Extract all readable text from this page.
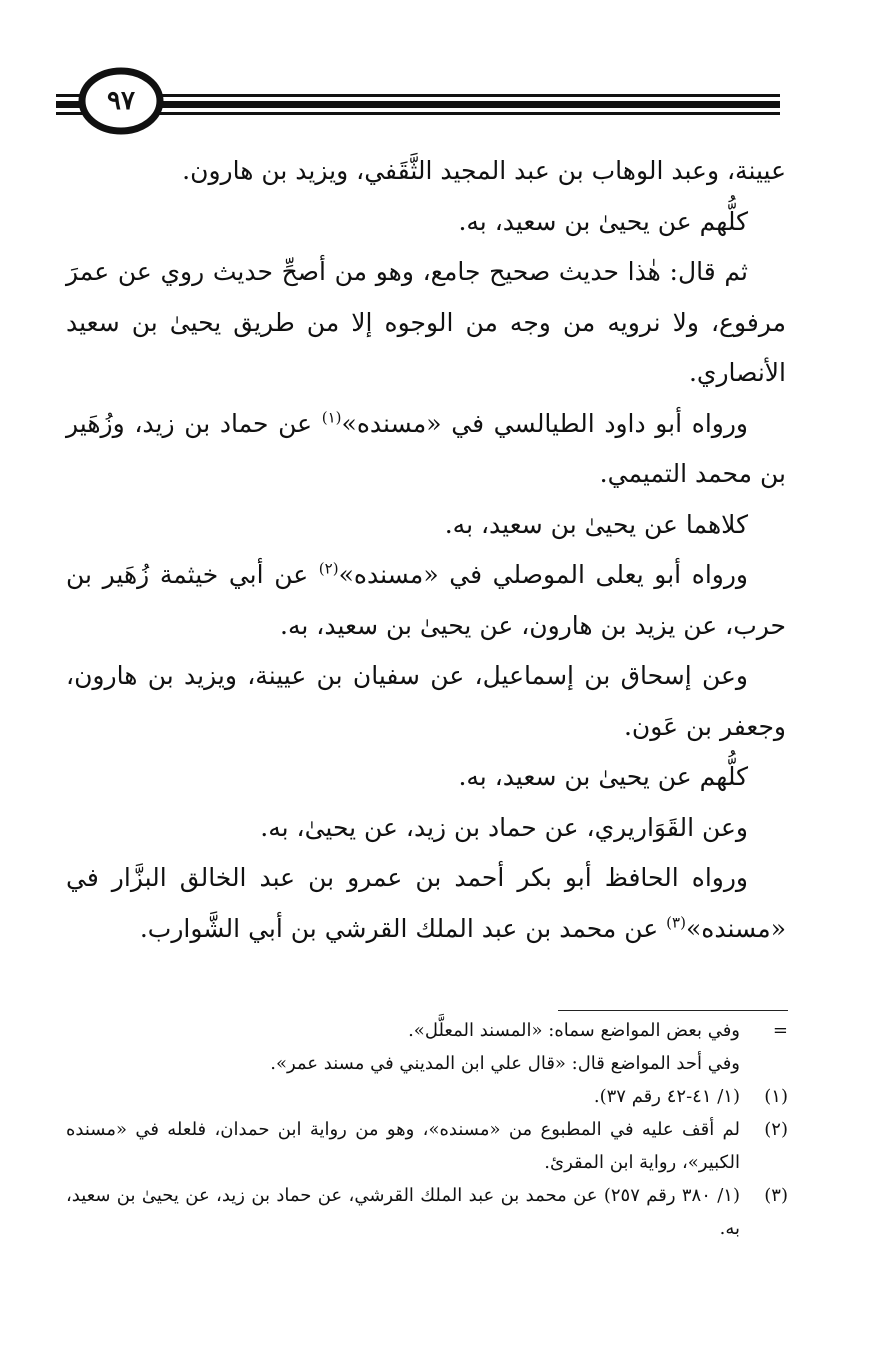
٩٧

عيينة، وعبد الوهاب بن عبد المجيد الثَّقَفي، ويزيد بن هارون.

كلُّهم عن يحيىٰ بن سعيد، به.

ثم قال: هٰذا حديث صحيح جامع، وهو من أصحِّ حديث روي عن عمرَ مرفوع، ولا نرويه من وجه من الوجوه إلا من طريق يحيىٰ بن سعيد الأنصاري.

ورواه أبو داود الطيالسي في «مسنده»$^{(١)}$ عن حماد بن زيد، وزُهَير بن محمد التميمي.

كلاهما عن يحيىٰ بن سعيد، به.

ورواه أبو يعلى الموصلي في «مسنده»$^{(٢)}$ عن أبي خيثمة زُهَير بن حرب، عن يزيد بن هارون، عن يحيىٰ بن سعيد، به.

وعن إسحاق بن إسماعيل، عن سفيان بن عيينة، ويزيد بن هارون، وجعفر بن عَون.

كلُّهم عن يحيىٰ بن سعيد، به.

وعن القَوَاريري، عن حماد بن زيد، عن يحيىٰ، به.

ورواه الحافظ أبو بكر أحمد بن عمرو بن عبد الخالق البزَّار في «مسنده»$^{(٣)}$ عن محمد بن عبد الملك القرشي بن أبي الشَّوارب.

=

وفي بعض المواضع سماه: «المسند المعلَّل».

وفي أحد المواضع قال: «قال علي ابن المديني في مسند عمر».

(١)

(١/ ٤١-٤٢ رقم ٣٧).

(٢)

لم أقف عليه في المطبوع من «مسنده»، وهو من رواية ابن حمدان، فلعله في «مسنده الكبير»، رواية ابن المقرئ.

(٣)

(١/ ٣٨٠ رقم ٢٥٧) عن محمد بن عبد الملك القرشي، عن حماد بن زيد، عن يحيىٰ بن سعيد، به.
